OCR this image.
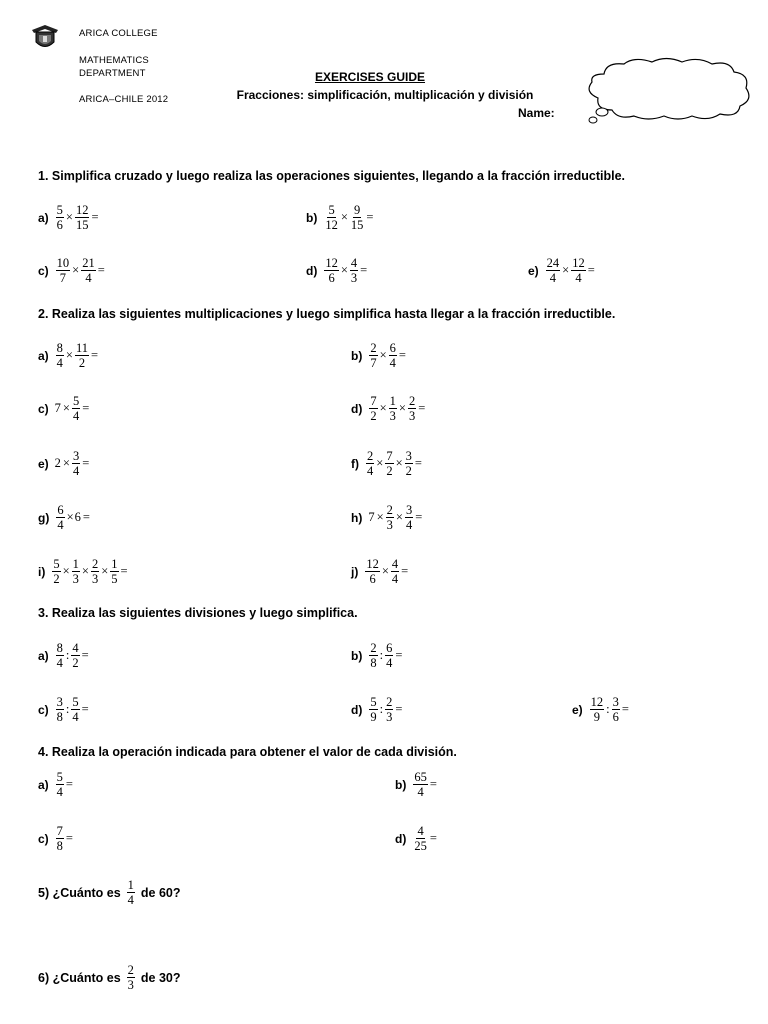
ARICA COLLEGE
MATHEMATICS
DEPARTMENT
ARICA–CHILE 2012
EXERCISES GUIDE
Fracciones: simplificación, multiplicación y división
Name:
1. Simplifica cruzado y luego realiza las operaciones siguientes, llegando a la fracción irreductible.
$a) \frac{5}{6} \times \frac{12}{15}$ =	$b) \frac{5}{12} \times \frac{9}{15}$ =
$c) \frac{10}{7} \times \frac{21}{4}$ =	$d) \frac{12}{6} \times \frac{4}{3}$ =	$e) \frac{24}{4} \times \frac{12}{4}$ =
2. Realiza las siguientes multiplicaciones y luego simplifica hasta llegar a la fracción irreductible.
$a) \frac{8}{4} \times \frac{11}{2}$ =	$b) \frac{2}{7} \times \frac{6}{4}$ =
c) $7 \times \frac{5}{4}$ =	$d) \frac{7}{2} \times \frac{1}{3} \times \frac{2}{3}$ =
e) $2 \times \frac{3}{4}$ =	$f) \frac{2}{4} \times \frac{7}{2} \times \frac{3}{2}$ =
$g) \frac{6}{4} \times 6$ =	h) $7 \times \frac{2}{3} \times \frac{3}{4}$ =
$i) \frac{5}{2} \times \frac{1}{3} \times \frac{2}{3} \times \frac{1}{5}$ =	$j) \frac{12}{6} \times \frac{4}{4}$ =
3. Realiza las siguientes divisiones y luego simplifica.
$a) \frac{8}{4}$ : $\frac{4}{2}$ =	$b) \frac{2}{8}$ : $\frac{6}{4}$ =
$c) \frac{3}{8}$ : $\frac{5}{4}$ =	$d) \frac{5}{9}$ : $\frac{2}{3}$ =	$e) \frac{12}{9}$ : $\frac{3}{6}$ =
4. Realiza la operación indicada para obtener el valor de cada división.
$a) \frac{5}{4}$ =	$b) \frac{65}{4}$ =
$c) \frac{7}{8}$ =	$d) \frac{4}{25}$ =
5) ¿Cuánto es $\frac{1}{4}$ de 60?
6) ¿Cuánto es $\frac{2}{3}$ de 30?
